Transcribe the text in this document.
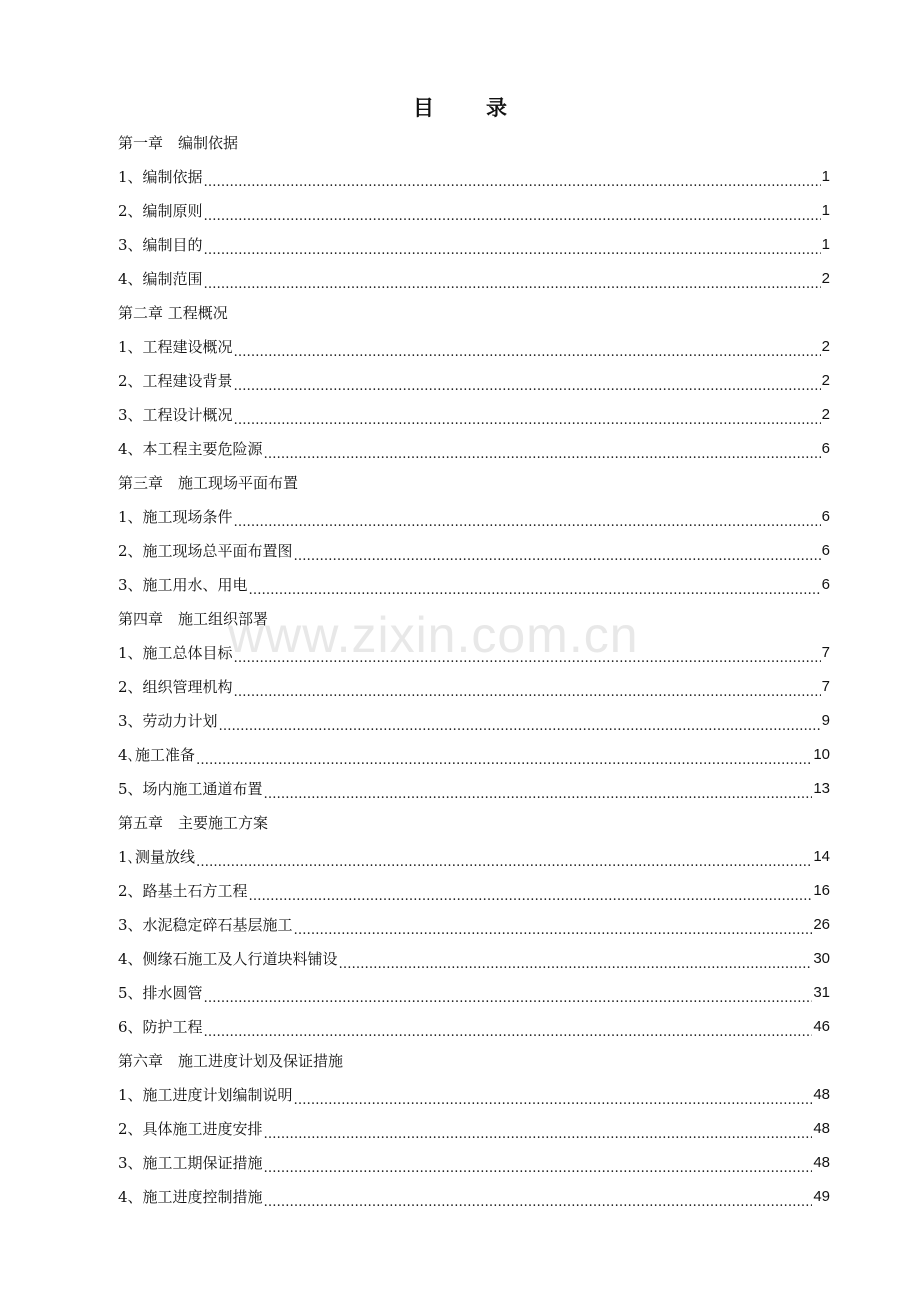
目 录
www.zixin.com.cn
第一章　编制依据
1、编制依据 …………………………………………………………………………………………………………………………………………………………………………………………………	1
2、编制原则 …………………………………………………………………………………………………………………………………………………………………………………………………	1
3、编制目的 …………………………………………………………………………………………………………………………………………………………………………………………………	1
4、编制范围 …………………………………………………………………………………………………………………………………………………………………………………………………	2
第二章 工程概况
1、工程建设概况 …………………………………………………………………………………………………………………………………………………………………………………………………	2
2、工程建设背景 …………………………………………………………………………………………………………………………………………………………………………………………………	2
3、工程设计概况 …………………………………………………………………………………………………………………………………………………………………………………………………	2
4、本工程主要危险源 …………………………………………………………………………………………………………………………………………………………………………………………………	6
第三章　施工现场平面布置
1、施工现场条件 …………………………………………………………………………………………………………………………………………………………………………………………………	6
2、施工现场总平面布置图 …………………………………………………………………………………………………………………………………………………………………………………………………	6
3、施工用水、用电 …………………………………………………………………………………………………………………………………………………………………………………………………	6
第四章　施工组织部署
1、施工总体目标 …………………………………………………………………………………………………………………………………………………………………………………………………	7
2、组织管理机构 …………………………………………………………………………………………………………………………………………………………………………………………………	7
3、劳动力计划 …………………………………………………………………………………………………………………………………………………………………………………………………	9
4､施工准备 …………………………………………………………………………………………………………………………………………………………………………………………………	10
5、场内施工通道布置 …………………………………………………………………………………………………………………………………………………………………………………………………	13
第五章　主要施工方案
1､测量放线 …………………………………………………………………………………………………………………………………………………………………………………………………	14
2、路基土石方工程 …………………………………………………………………………………………………………………………………………………………………………………………………	16
3、水泥稳定碎石基层施工 …………………………………………………………………………………………………………………………………………………………………………………………………	26
4、侧缘石施工及人行道块料铺设 …………………………………………………………………………………………………………………………………………………………………………………………………	30
5、排水圆管 …………………………………………………………………………………………………………………………………………………………………………………………………	31
6、防护工程 …………………………………………………………………………………………………………………………………………………………………………………………………	46
第六章　施工进度计划及保证措施
1、施工进度计划编制说明 …………………………………………………………………………………………………………………………………………………………………………………………………	48
2、具体施工进度安排 …………………………………………………………………………………………………………………………………………………………………………………………………	48
3、施工工期保证措施 …………………………………………………………………………………………………………………………………………………………………………………………………	48
4、施工进度控制措施 …………………………………………………………………………………………………………………………………………………………………………………………………	49
